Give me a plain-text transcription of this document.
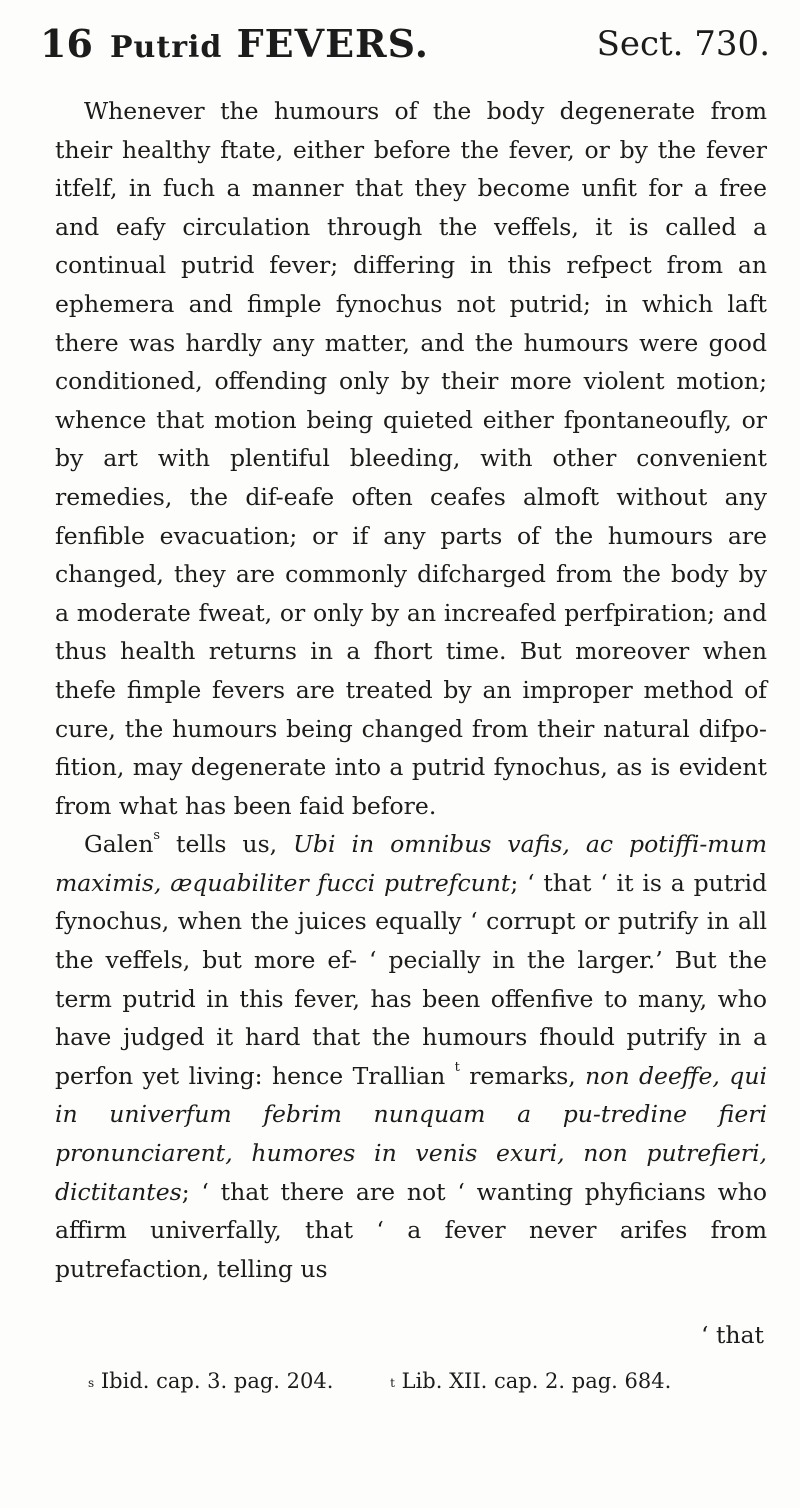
16 Putrid FEVERS.	Sect. 730.

Whenever the humours of the body degenerate from their healthy ftate, either before the fever, or by the fever itfelf, in fuch a manner that they become unfit for a free and eafy circulation through the veffels, it is called a continual putrid fever; differing in this refpect from an ephemera and fimple fynochus not putrid; in which laft there was hardly any matter, and the humours were good conditioned, offending only by their more violent motion; whence that motion being quieted either fpontaneoufly, or by art with plentiful bleeding, with other convenient remedies, the dif-eafe often ceafes almoft without any fenfible evacuation; or if any parts of the humours are changed, they are commonly difcharged from the body by a moderate fweat, or only by an increafed perfpiration; and thus health returns in a fhort time. But moreover when thefe fimple fevers are treated by an improper method of cure, the humours being changed from their natural difpo-fition, may degenerate into a putrid fynochus, as is evident from what has been faid before.

Galen$^s$ tells us, Ubi in omnibus vafis, ac potiffi-mum maximis, æquabiliter fucci putrefcunt; ‘ that ‘ it is a putrid fynochus, when the juices equally ‘ corrupt or putrify in all the veffels, but more ef- ‘ pecially in the larger.’ But the term putrid in this fever, has been offenfive to many, who have judged it hard that the humours fhould putrify in a perfon yet living: hence Trallian $^t$ remarks, non deeffe, qui in univerfum febrim nunquam a pu-tredine fieri pronunciarent, humores in venis exuri, non putrefieri, dictitantes; ‘ that there are not ‘ wanting phyficians who affirm univerfally, that ‘ a fever never arifes from putrefaction, telling us

‘ that
$^s$ Ibid. cap. 3. pag. 204.	$^t$ Lib. XII. cap. 2. pag. 684.
